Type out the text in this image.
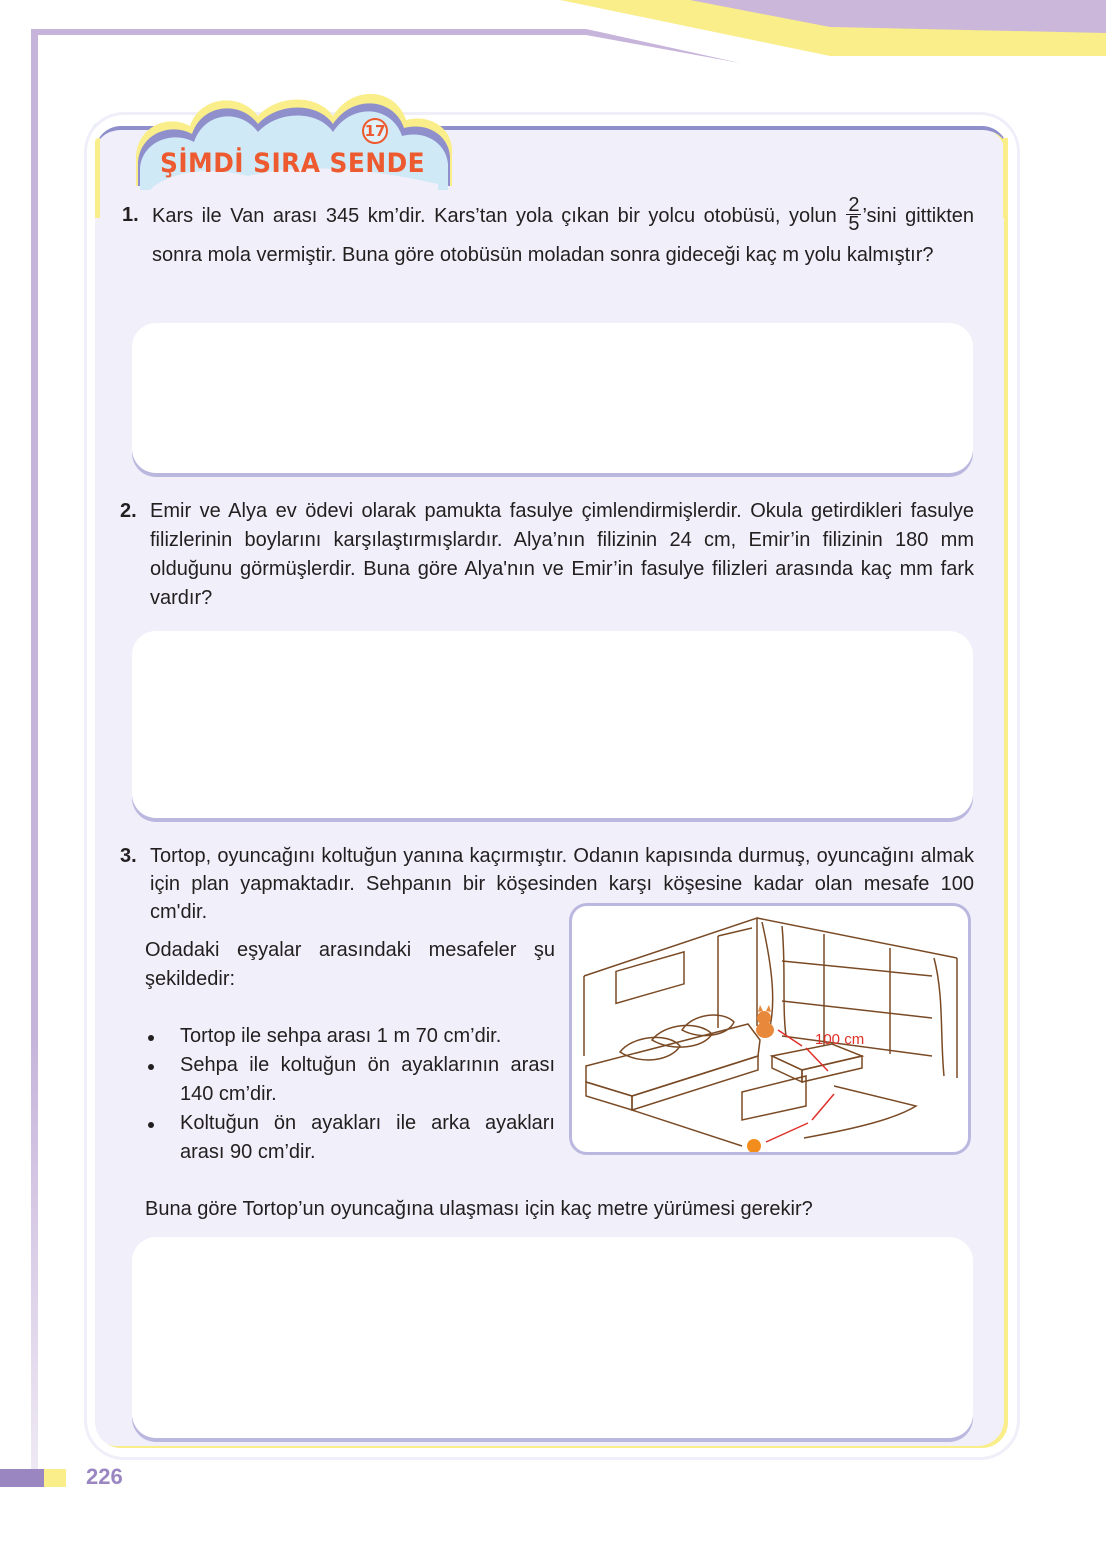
17
ŞİMDİ SIRA SENDE
1. Kars ile Van arası 345 km’dir. Kars’tan yola çıkan bir yolcu otobüsü, yolun $\frac{2}{5}$ ’sini gittikten sonra mola vermiştir. Buna göre otobüsün moladan sonra gideceği kaç m yolu kalmıştır?
2. Emir ve Alya ev ödevi olarak pamukta fasulye çimlendirmişlerdir. Okula getirdikleri fasulye filizlerinin boylarını karşılaştırmışlardır. Alya’nın filizinin 24 cm, Emir’in filizinin 180 mm olduğunu görmüşlerdir. Buna göre Alya'nın ve Emir’in fasulye filizleri arasında kaç mm fark vardır?
3. Tortop, oyuncağını koltuğun yanına kaçırmıştır. Odanın kapısında durmuş, oyuncağını almak için plan yapmaktadır. Sehpanın bir köşesinden karşı köşesine kadar olan mesafe 100 cm'dir.
Odadaki eşyalar arasındaki mesafeler şu şekildedir:
Tortop ile sehpa arası 1 m 70 cm’dir.
Sehpa ile koltuğun ön ayaklarının arası 140 cm’dir.
Koltuğun ön ayakları ile arka ayakları arası 90 cm’dir.
100 cm
Buna göre Tortop’un oyuncağına ulaşması için kaç metre yürümesi gerekir?
226
